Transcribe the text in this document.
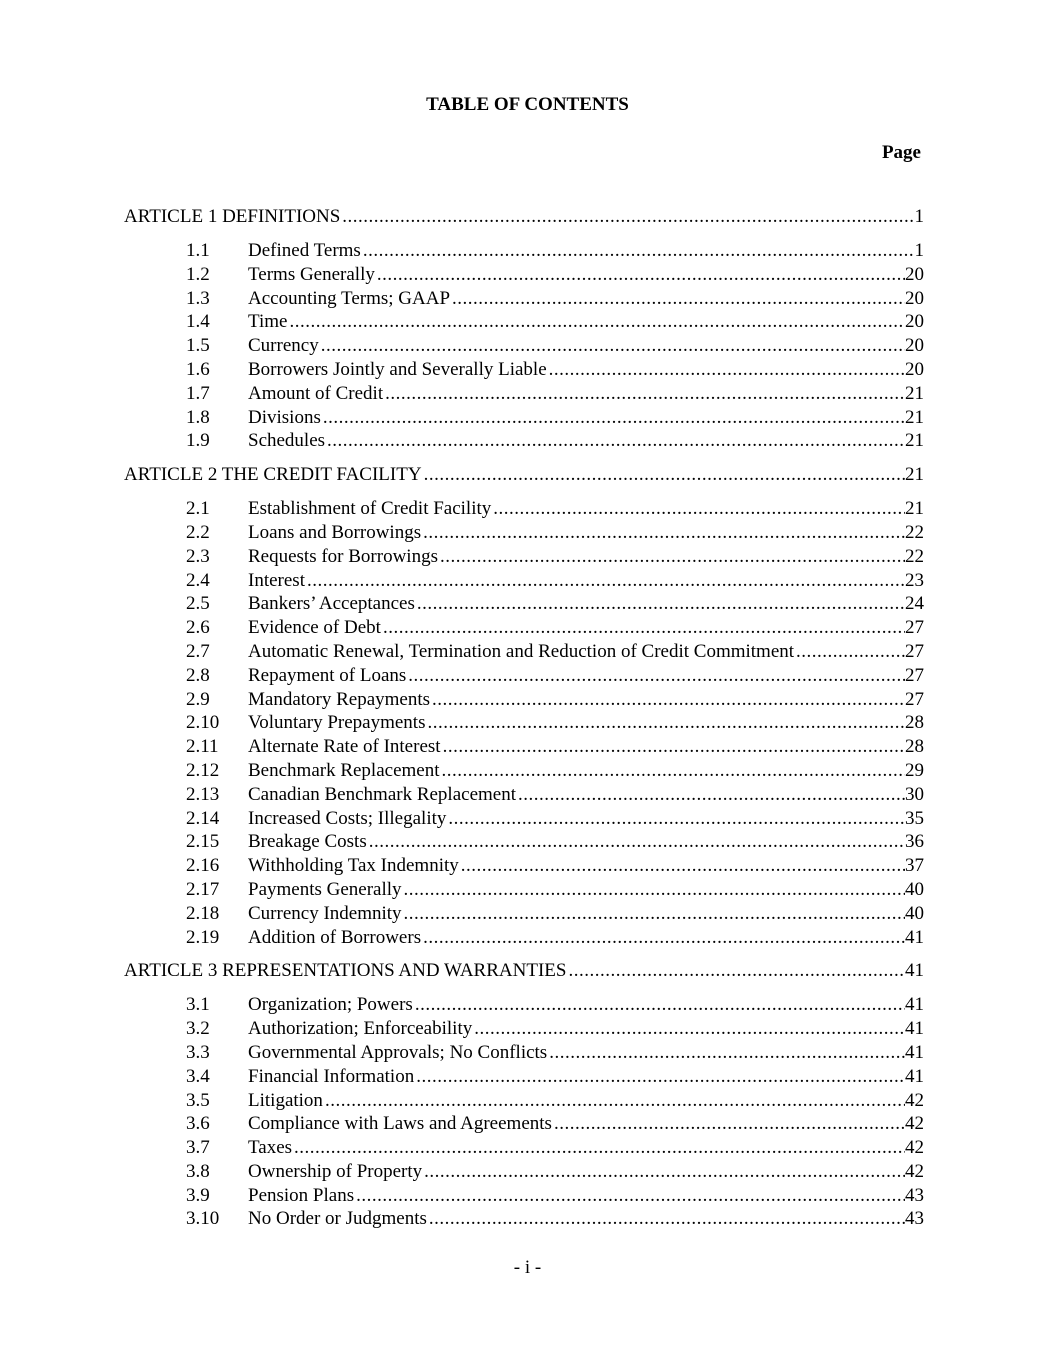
TABLE OF CONTENTS
Page
ARTICLE 1 DEFINITIONS .....	1
1.1	Defined Terms .....	1
1.2	Terms Generally .....	20
1.3	Accounting Terms; GAAP .....	20
1.4	Time .....	20
1.5	Currency .....	20
1.6	Borrowers Jointly and Severally Liable .....	20
1.7	Amount of Credit .....	21
1.8	Divisions .....	21
1.9	Schedules .....	21
ARTICLE 2 THE CREDIT FACILITY .....	21
2.1	Establishment of Credit Facility .....	21
2.2	Loans and Borrowings .....	22
2.3	Requests for Borrowings .....	22
2.4	Interest .....	23
2.5	Bankers’ Acceptances .....	24
2.6	Evidence of Debt .....	27
2.7	Automatic Renewal, Termination and Reduction of Credit Commitment .....	27
2.8	Repayment of Loans .....	27
2.9	Mandatory Repayments .....	27
2.10	Voluntary Prepayments .....	28
2.11	Alternate Rate of Interest .....	28
2.12	Benchmark Replacement .....	29
2.13	Canadian Benchmark Replacement .....	30
2.14	Increased Costs; Illegality .....	35
2.15	Breakage Costs .....	36
2.16	Withholding Tax Indemnity .....	37
2.17	Payments Generally .....	40
2.18	Currency Indemnity .....	40
2.19	Addition of Borrowers .....	41
ARTICLE 3 REPRESENTATIONS AND WARRANTIES .....	41
3.1	Organization; Powers .....	41
3.2	Authorization; Enforceability .....	41
3.3	Governmental Approvals; No Conflicts .....	41
3.4	Financial Information .....	41
3.5	Litigation .....	42
3.6	Compliance with Laws and Agreements .....	42
3.7	Taxes .....	42
3.8	Ownership of Property .....	42
3.9	Pension Plans .....	43
3.10	No Order or Judgments .....	43
- i -
